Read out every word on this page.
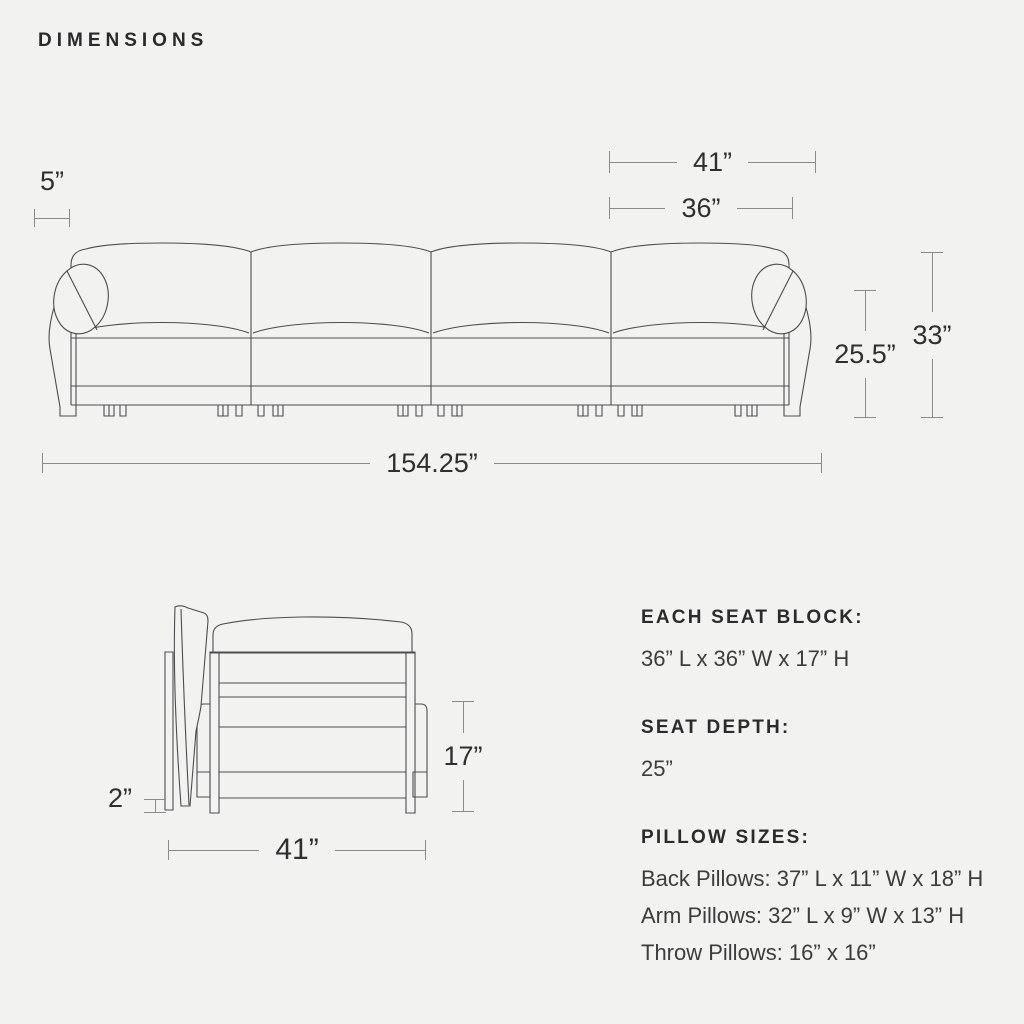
DIMENSIONS
5”
41”
36”
25.5”
33”
154.25”
2”
17”
41”
EACH SEAT BLOCK:
36” L x 36” W x 17” H
SEAT DEPTH:
25”
PILLOW SIZES:
Back Pillows: 37” L x 11” W x 18” H
Arm Pillows: 32” L x 9” W x 13” H
Throw Pillows: 16” x 16”
